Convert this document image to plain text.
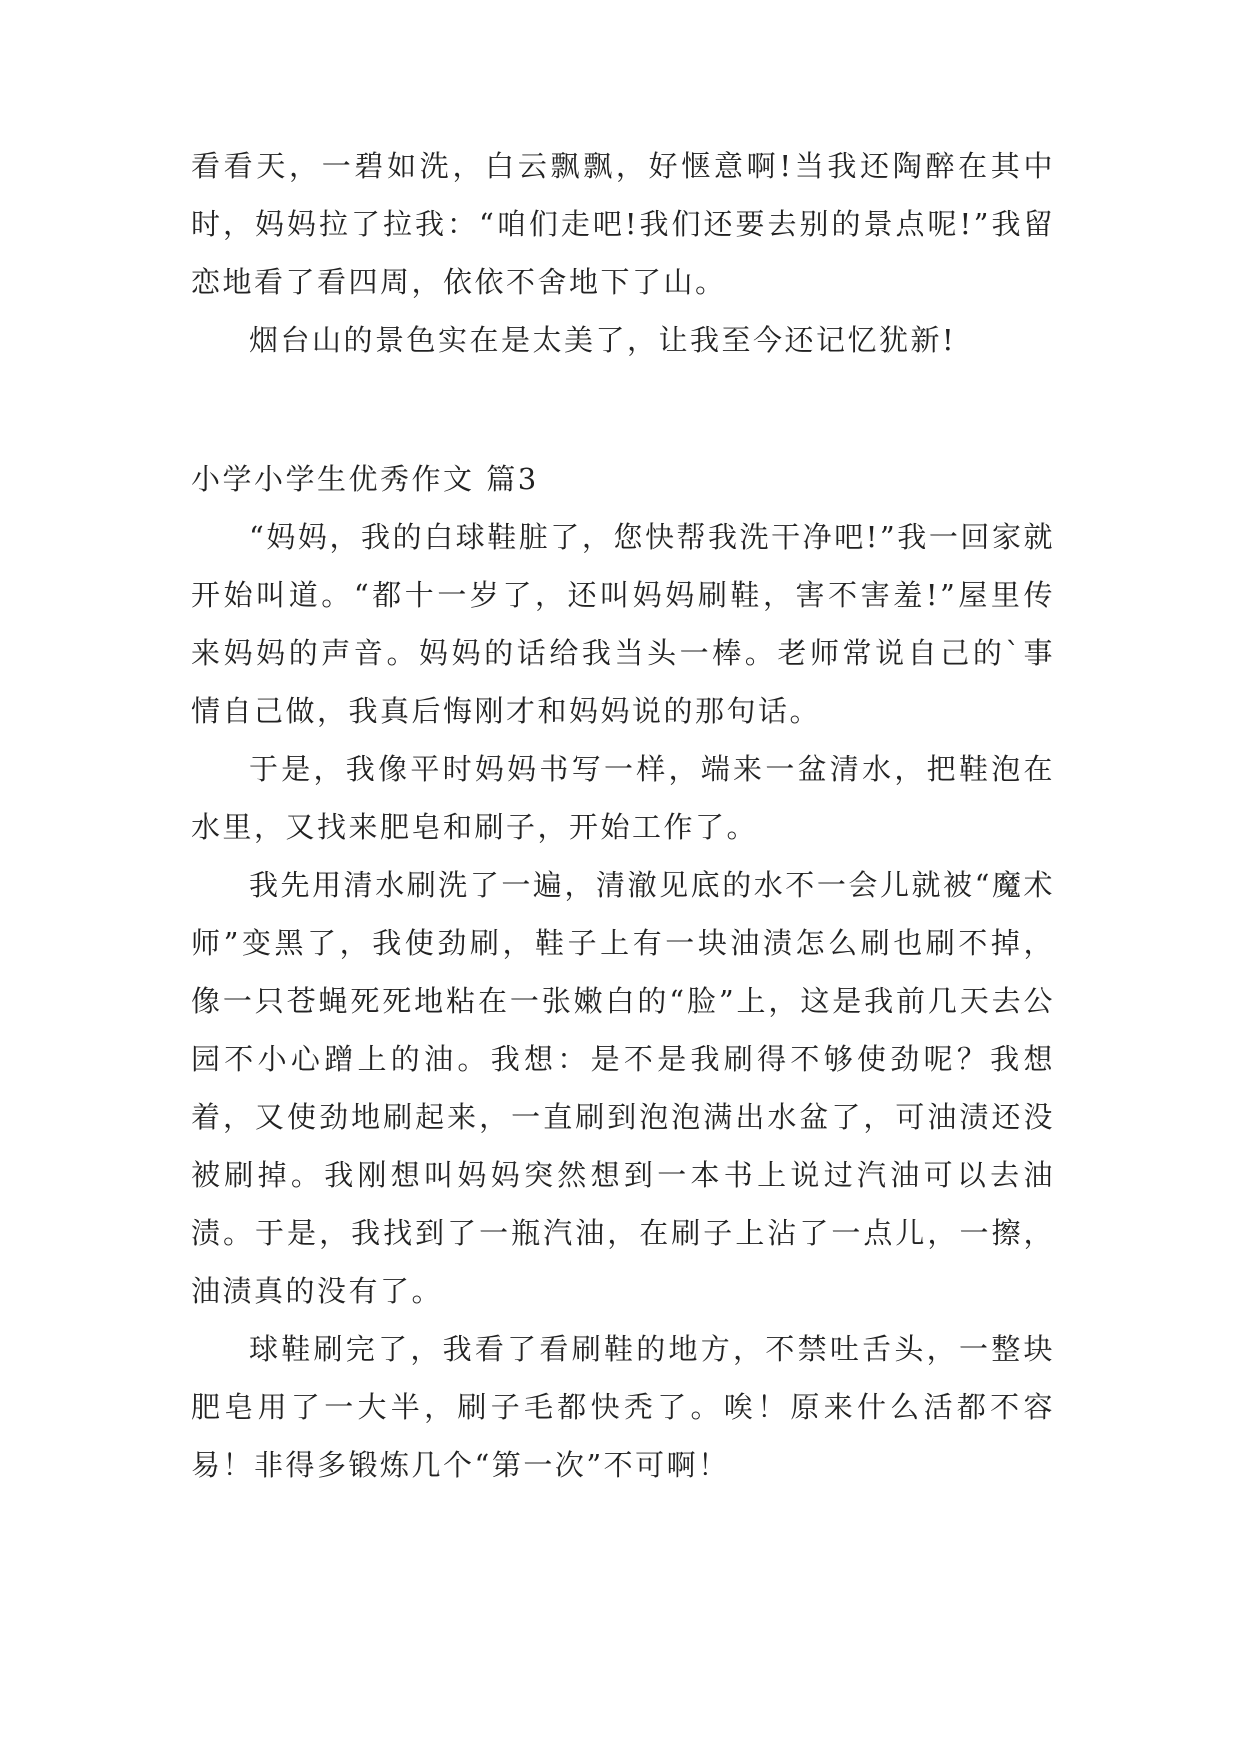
看看天，一碧如洗，白云飘飘，好惬意啊!当我还陶醉在其中时，妈妈拉了拉我：“咱们走吧!我们还要去别的景点呢!”我留恋地看了看四周，依依不舍地下了山。

烟台山的景色实在是太美了，让我至今还记忆犹新!

小学小学生优秀作文 篇3

“妈妈，我的白球鞋脏了，您快帮我洗干净吧!”我一回家就开始叫道。“都十一岁了，还叫妈妈刷鞋，害不害羞!”屋里传来妈妈的声音。妈妈的话给我当头一棒。老师常说自己的`事情自己做，我真后悔刚才和妈妈说的那句话。

于是，我像平时妈妈书写一样，端来一盆清水，把鞋泡在水里，又找来肥皂和刷子，开始工作了。

我先用清水刷洗了一遍，清澈见底的水不一会儿就被“魔术师”变黑了，我使劲刷，鞋子上有一块油渍怎么刷也刷不掉，像一只苍蝇死死地粘在一张嫩白的“脸”上，这是我前几天去公园不小心蹭上的油。我想：是不是我刷得不够使劲呢？我想着，又使劲地刷起来，一直刷到泡泡满出水盆了，可油渍还没被刷掉。我刚想叫妈妈突然想到一本书上说过汽油可以去油渍。于是，我找到了一瓶汽油，在刷子上沾了一点儿，一擦，油渍真的没有了。

球鞋刷完了，我看了看刷鞋的地方，不禁吐舌头，一整块肥皂用了一大半，刷子毛都快秃了。唉！原来什么活都不容易！非得多锻炼几个“第一次”不可啊！
